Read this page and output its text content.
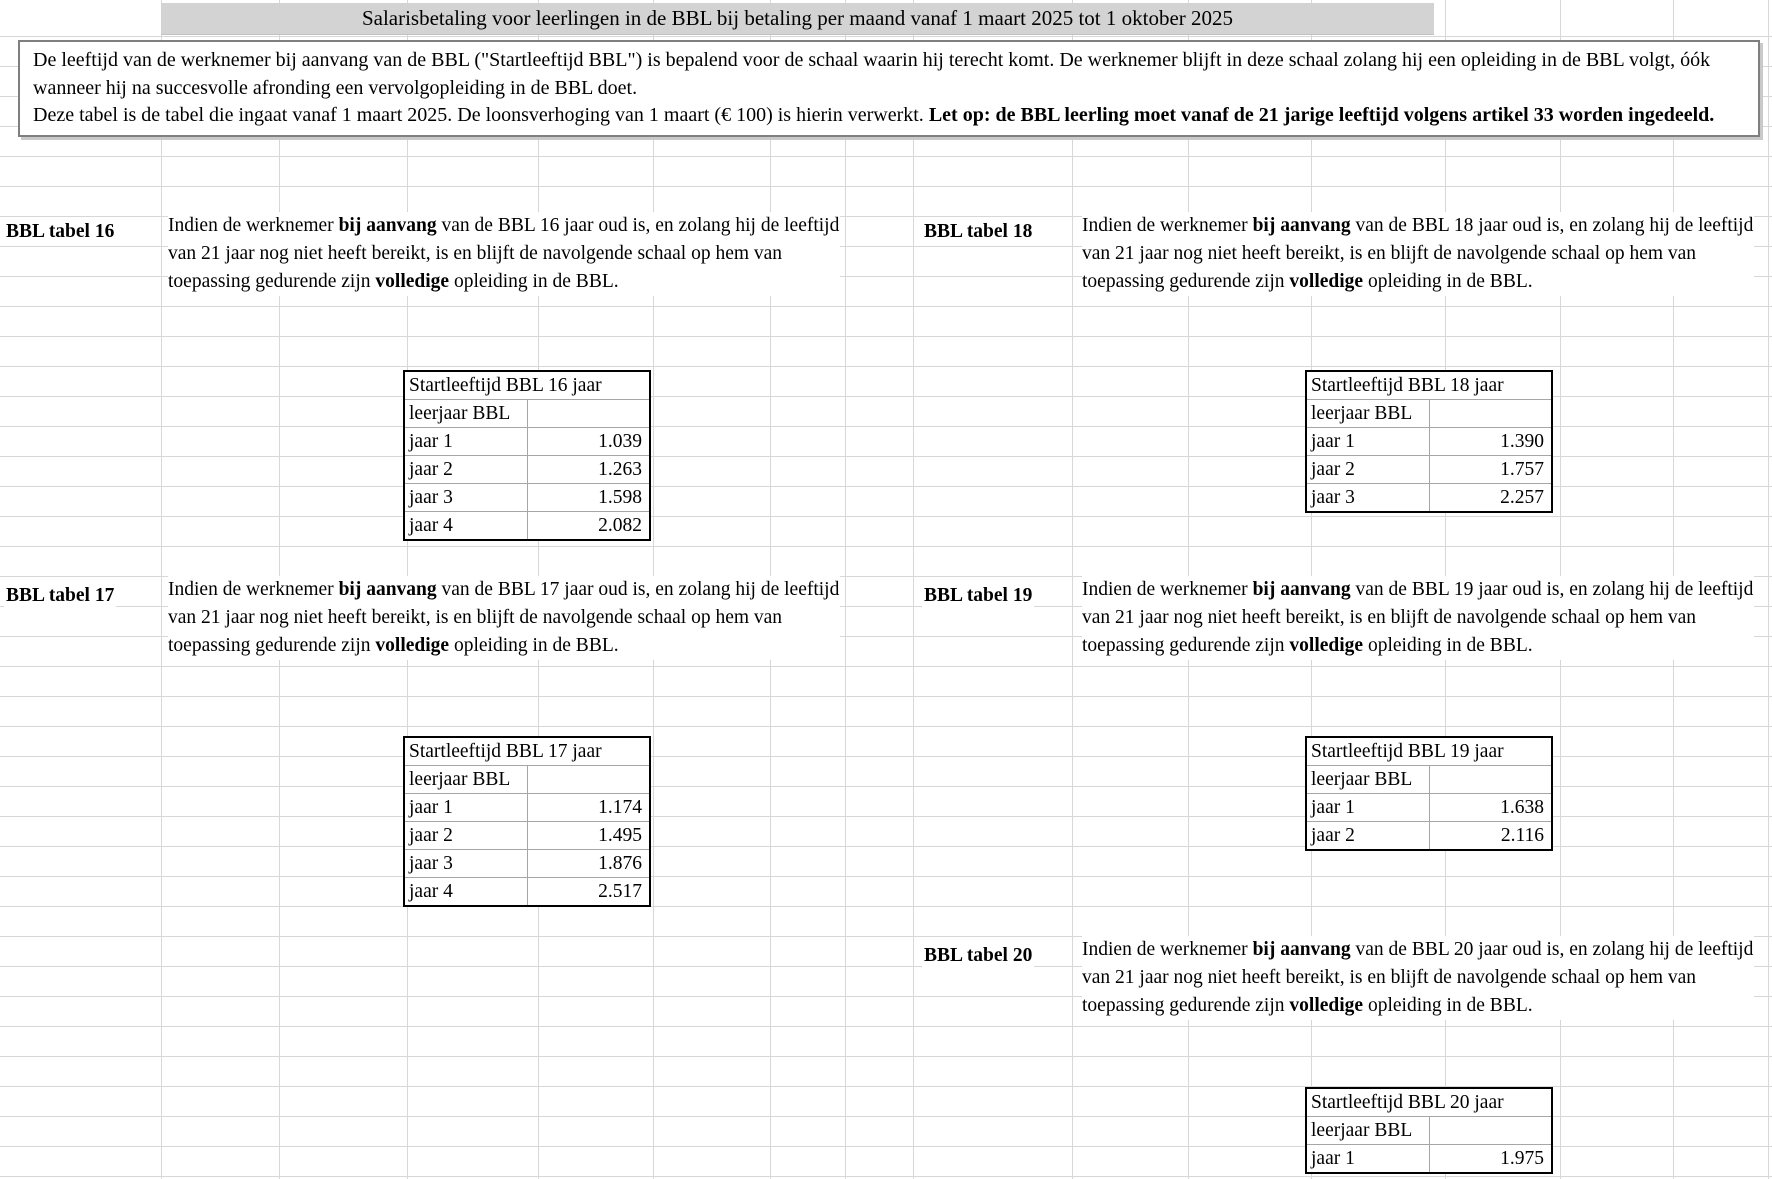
Salarisbetaling voor leerlingen in de BBL bij betaling per maand vanaf 1 maart 2025 tot 1 oktober 2025

De leeftijd van de werknemer bij aanvang van de BBL ("Startleeftijd BBL") is bepalend voor de schaal waarin hij terecht komt. De werknemer blijft in deze schaal zolang hij een opleiding in de BBL volgt, óók wanneer hij na succesvolle afronding een vervolgopleiding in de BBL doet.

Deze tabel is de tabel die ingaat vanaf 1 maart 2025. De loonsverhoging van 1 maart (€ 100) is hierin verwerkt. Let op: de BBL leerling moet vanaf de 21 jarige leeftijd volgens artikel 33 worden ingedeeld.

BBL tabel 16	Indien de werknemer bij aanvang van de BBL 16 jaar oud is, en zolang hij de leeftijd van 21 jaar nog niet heeft bereikt, is en blijft de navolgende schaal op hem van toepassing gedurende zijn volledige opleiding in de BBL.
Startleeftijd BBL 16 jaar	
leerjaar BBL	
jaar 1	1.039
jaar 2	1.263
jaar 3	1.598
jaar 4	2.082
BBL tabel 18	Indien de werknemer bij aanvang van de BBL 18 jaar oud is, en zolang hij de leeftijd van 21 jaar nog niet heeft bereikt, is en blijft de navolgende schaal op hem van toepassing gedurende zijn volledige opleiding in de BBL.
Startleeftijd BBL 18 jaar	
leerjaar BBL	
jaar 1	1.390
jaar 2	1.757
jaar 3	2.257
BBL tabel 17	Indien de werknemer bij aanvang van de BBL 17 jaar oud is, en zolang hij de leeftijd van 21 jaar nog niet heeft bereikt, is en blijft de navolgende schaal op hem van toepassing gedurende zijn volledige opleiding in de BBL.
Startleeftijd BBL 17 jaar	
leerjaar BBL	
jaar 1	1.174
jaar 2	1.495
jaar 3	1.876
jaar 4	2.517
BBL tabel 19	Indien de werknemer bij aanvang van de BBL 19 jaar oud is, en zolang hij de leeftijd van 21 jaar nog niet heeft bereikt, is en blijft de navolgende schaal op hem van toepassing gedurende zijn volledige opleiding in de BBL.
Startleeftijd BBL 19 jaar	
leerjaar BBL	
jaar 1	1.638
jaar 2	2.116
BBL tabel 20	Indien de werknemer bij aanvang van de BBL 20 jaar oud is, en zolang hij de leeftijd van 21 jaar nog niet heeft bereikt, is en blijft de navolgende schaal op hem van toepassing gedurende zijn volledige opleiding in de BBL.
Startleeftijd BBL 20 jaar	
leerjaar BBL	
jaar 1	1.975
